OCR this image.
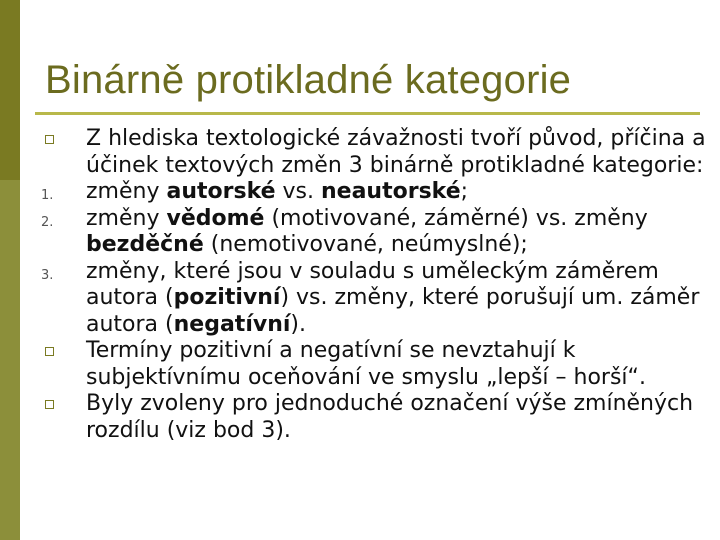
Binárně protikladné kategorie
Z hlediska textologické závažnosti tvoří původ, příčina a účinek textových změn 3 binárně protikladné kategorie:
1. změny autorské vs. neautorské;
2. změny vědomé (motivované, záměrné) vs. změny bezděčné (nemotivované, neúmyslné);
3. změny, které jsou v souladu s uměleckým záměrem autora (pozitivní) vs. změny, které porušují um. záměr autora (negatívní).
Termíny pozitivní a negatívní se nevztahují k subjektívnímu oceňování ve smyslu „lepší – horší“.
Byly zvoleny pro jednoduché označení výše zmíněných rozdílu (viz bod 3).
